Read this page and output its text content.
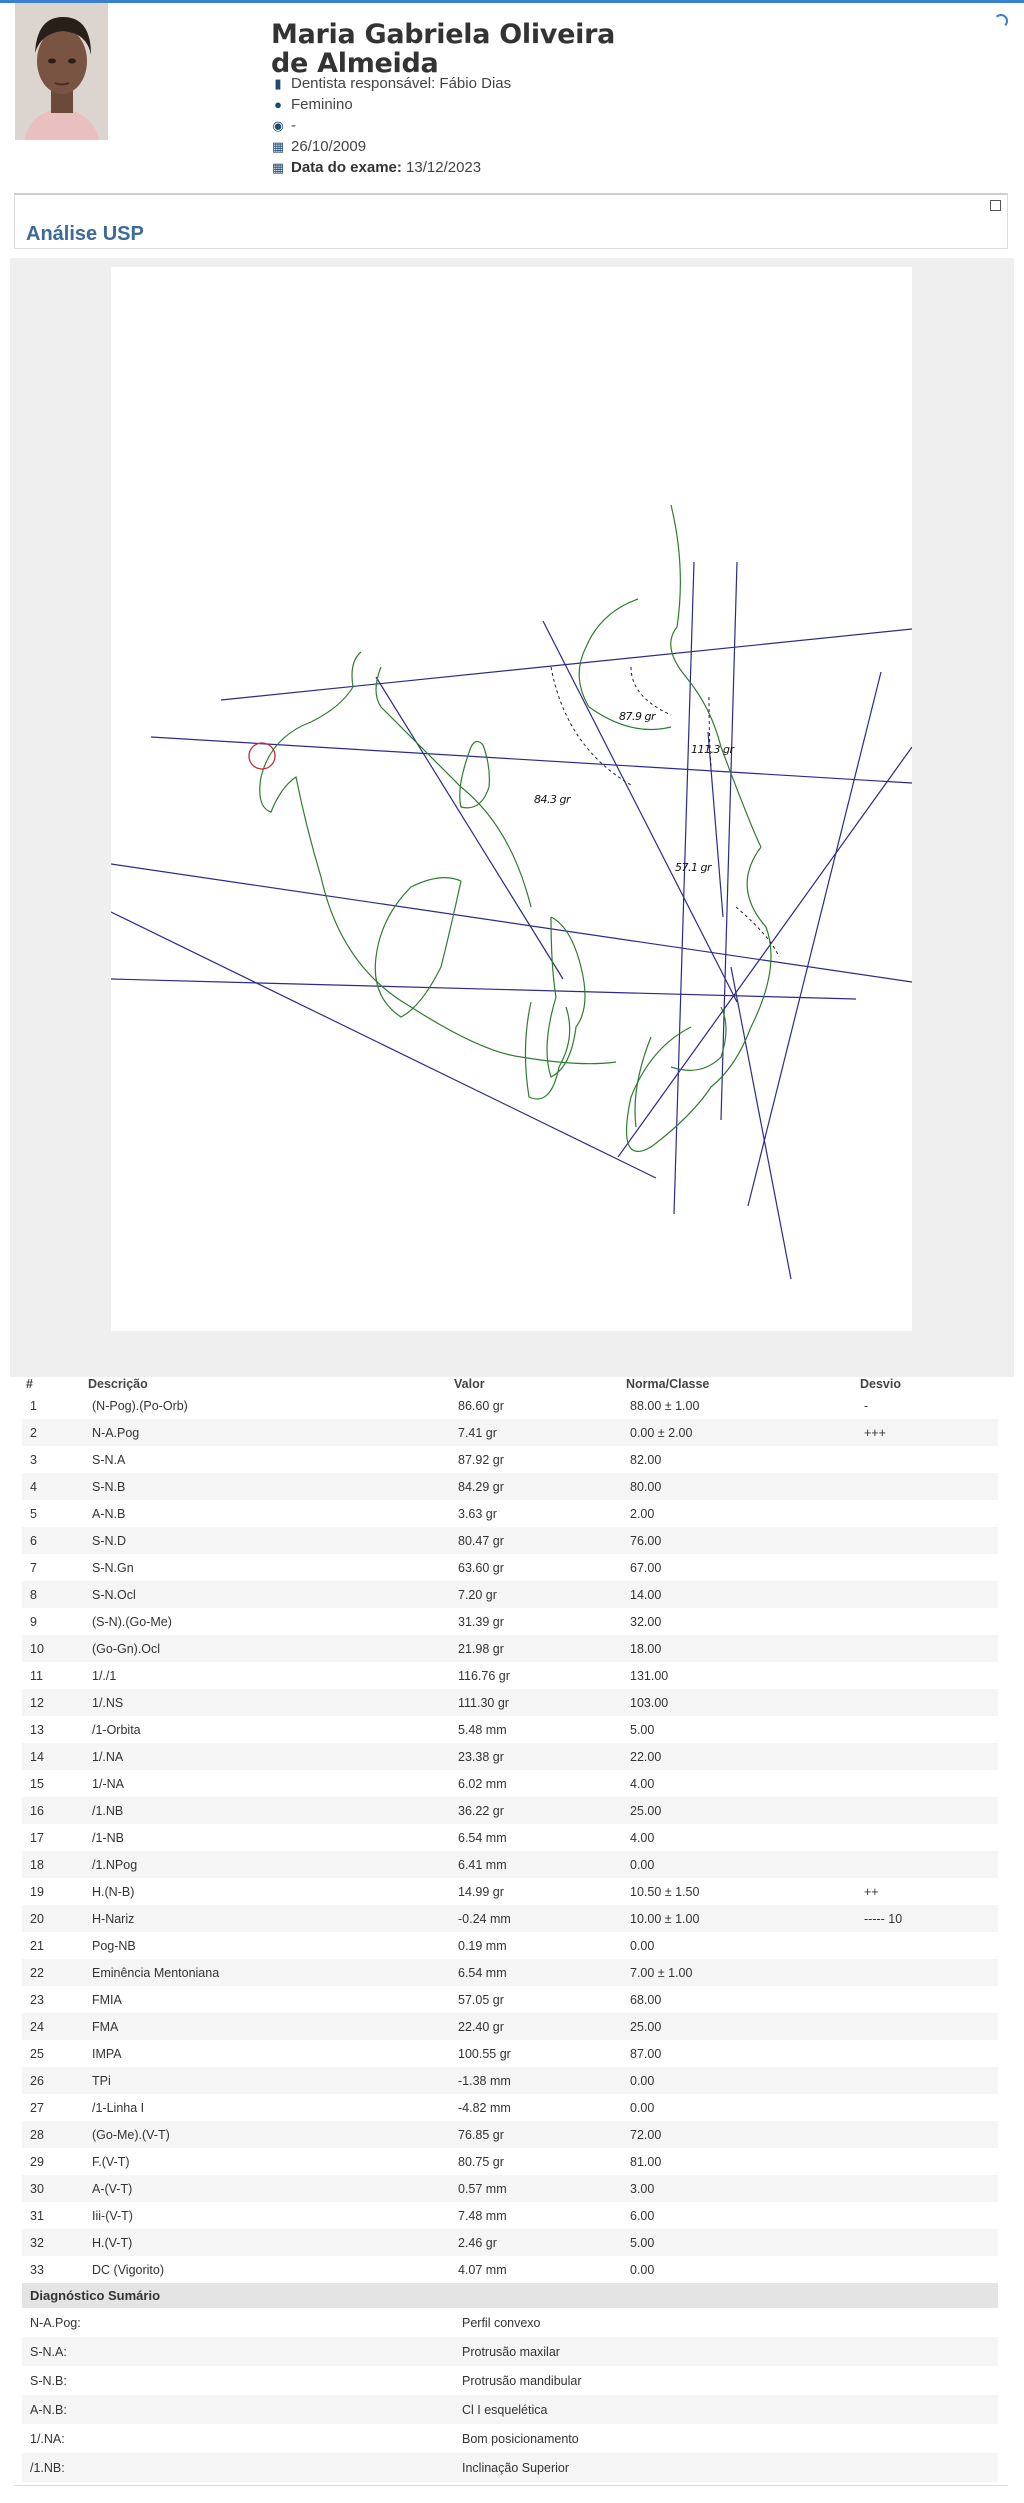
Maria Gabriela Oliveira de Almeida
▮ Dentista responsável: Fábio Dias
● Feminino
◉ -
▦ 26/10/2009
▦ Data do exame: 13/12/2023
Análise USP
87.9 gr
111.3 gr
84.3 gr
57.1 gr
#	Descrição	Valor	Norma/Classe	Desvio
1	(N-Pog).(Po-Orb)	86.60 gr	88.00 ± 1.00	-
2	N-A.Pog	7.41 gr	0.00 ± 2.00	+++
3	S-N.A	87.92 gr	82.00	
4	S-N.B	84.29 gr	80.00	
5	A-N.B	3.63 gr	2.00	
6	S-N.D	80.47 gr	76.00	
7	S-N.Gn	63.60 gr	67.00	
8	S-N.Ocl	7.20 gr	14.00	
9	(S-N).(Go-Me)	31.39 gr	32.00	
10	(Go-Gn).Ocl	21.98 gr	18.00	
11	1/./1	116.76 gr	131.00	
12	1/.NS	111.30 gr	103.00	
13	/1-Orbita	5.48 mm	5.00	
14	1/.NA	23.38 gr	22.00	
15	1/-NA	6.02 mm	4.00	
16	/1.NB	36.22 gr	25.00	
17	/1-NB	6.54 mm	4.00	
18	/1.NPog	6.41 mm	0.00	
19	H.(N-B)	14.99 gr	10.50 ± 1.50	++
20	H-Nariz	-0.24 mm	10.00 ± 1.00	----- 10
21	Pog-NB	0.19 mm	0.00	
22	Eminência Mentoniana	6.54 mm	7.00 ± 1.00	
23	FMIA	57.05 gr	68.00	
24	FMA	22.40 gr	25.00	
25	IMPA	100.55 gr	87.00	
26	TPi	-1.38 mm	0.00	
27	/1-Linha I	-4.82 mm	0.00	
28	(Go-Me).(V-T)	76.85 gr	72.00	
29	F.(V-T)	80.75 gr	81.00	
30	A-(V-T)	0.57 mm	3.00	
31	Iii-(V-T)	7.48 mm	6.00	
32	H.(V-T)	2.46 gr	5.00	
33	DC (Vigorito)	4.07 mm	0.00	
Diagnóstico Sumário
N-A.Pog:	Perfil convexo
S-N.A:	Protrusão maxilar
S-N.B:	Protrusão mandibular
A-N.B:	Cl I esquelética
1/.NA:	Bom posicionamento
/1.NB:	Inclinação Superior
